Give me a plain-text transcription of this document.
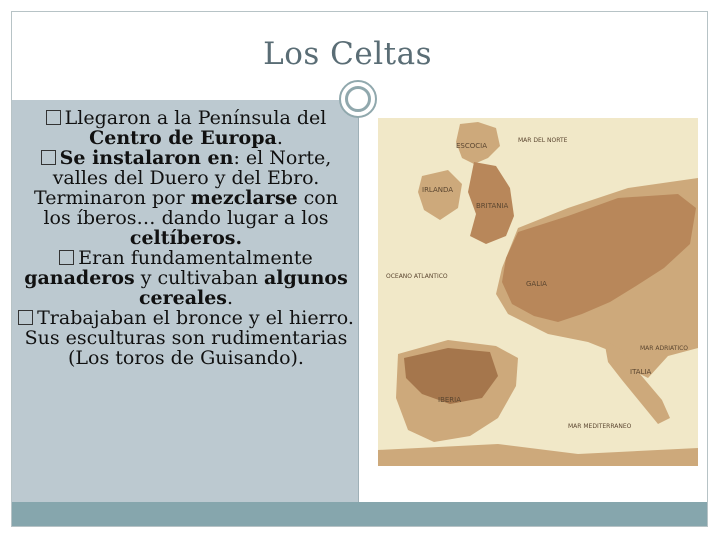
Los Celtas
Llegaron a la Península del
Centro de Europa.
Se instalaron en: el Norte, valles del Duero y del Ebro. Terminaron por mezclarse con los íberos… dando lugar a los celtíberos.
Eran fundamentalmente ganaderos y cultivaban algunos cereales.
Trabajaban el bronce y el hierro. Sus esculturas son rudimentarias (Los toros de Guisando).
ESCOCIA
MAR DEL NORTE
IRLANDA
BRITANIA
OCEANO ATLANTICO
GALIA
IBERIA
ITALIA
MAR ADRIATICO
MAR MEDITERRANEO
